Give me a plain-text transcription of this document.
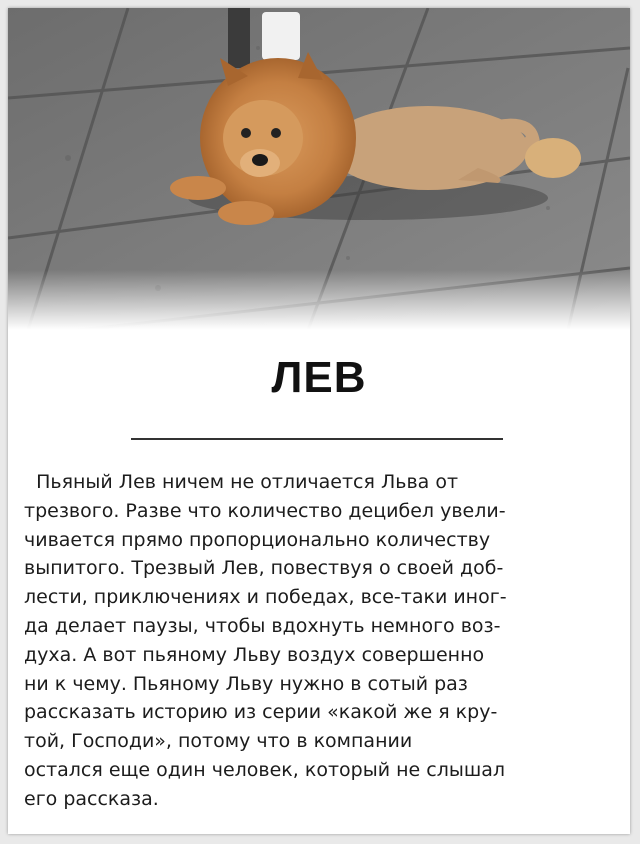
ЛЕВ
Пьяный Лев ничем не отличается Льва от
трезвого. Разве что количество децибел увели-
чивается прямо пропорционально количеству
выпитого. Трезвый Лев, повествуя о своей доб-
лести, приключениях и победах, все-таки иног-
да делает паузы, чтобы вдохнуть немного воз-
духа. А вот пьяному Льву воздух совершенно
ни к чему. Пьяному Льву нужно в сотый раз
рассказать историю из серии «какой же я кру-
той, Господи», потому что в компании
остался еще один человек, который не слышал
его рассказа.
